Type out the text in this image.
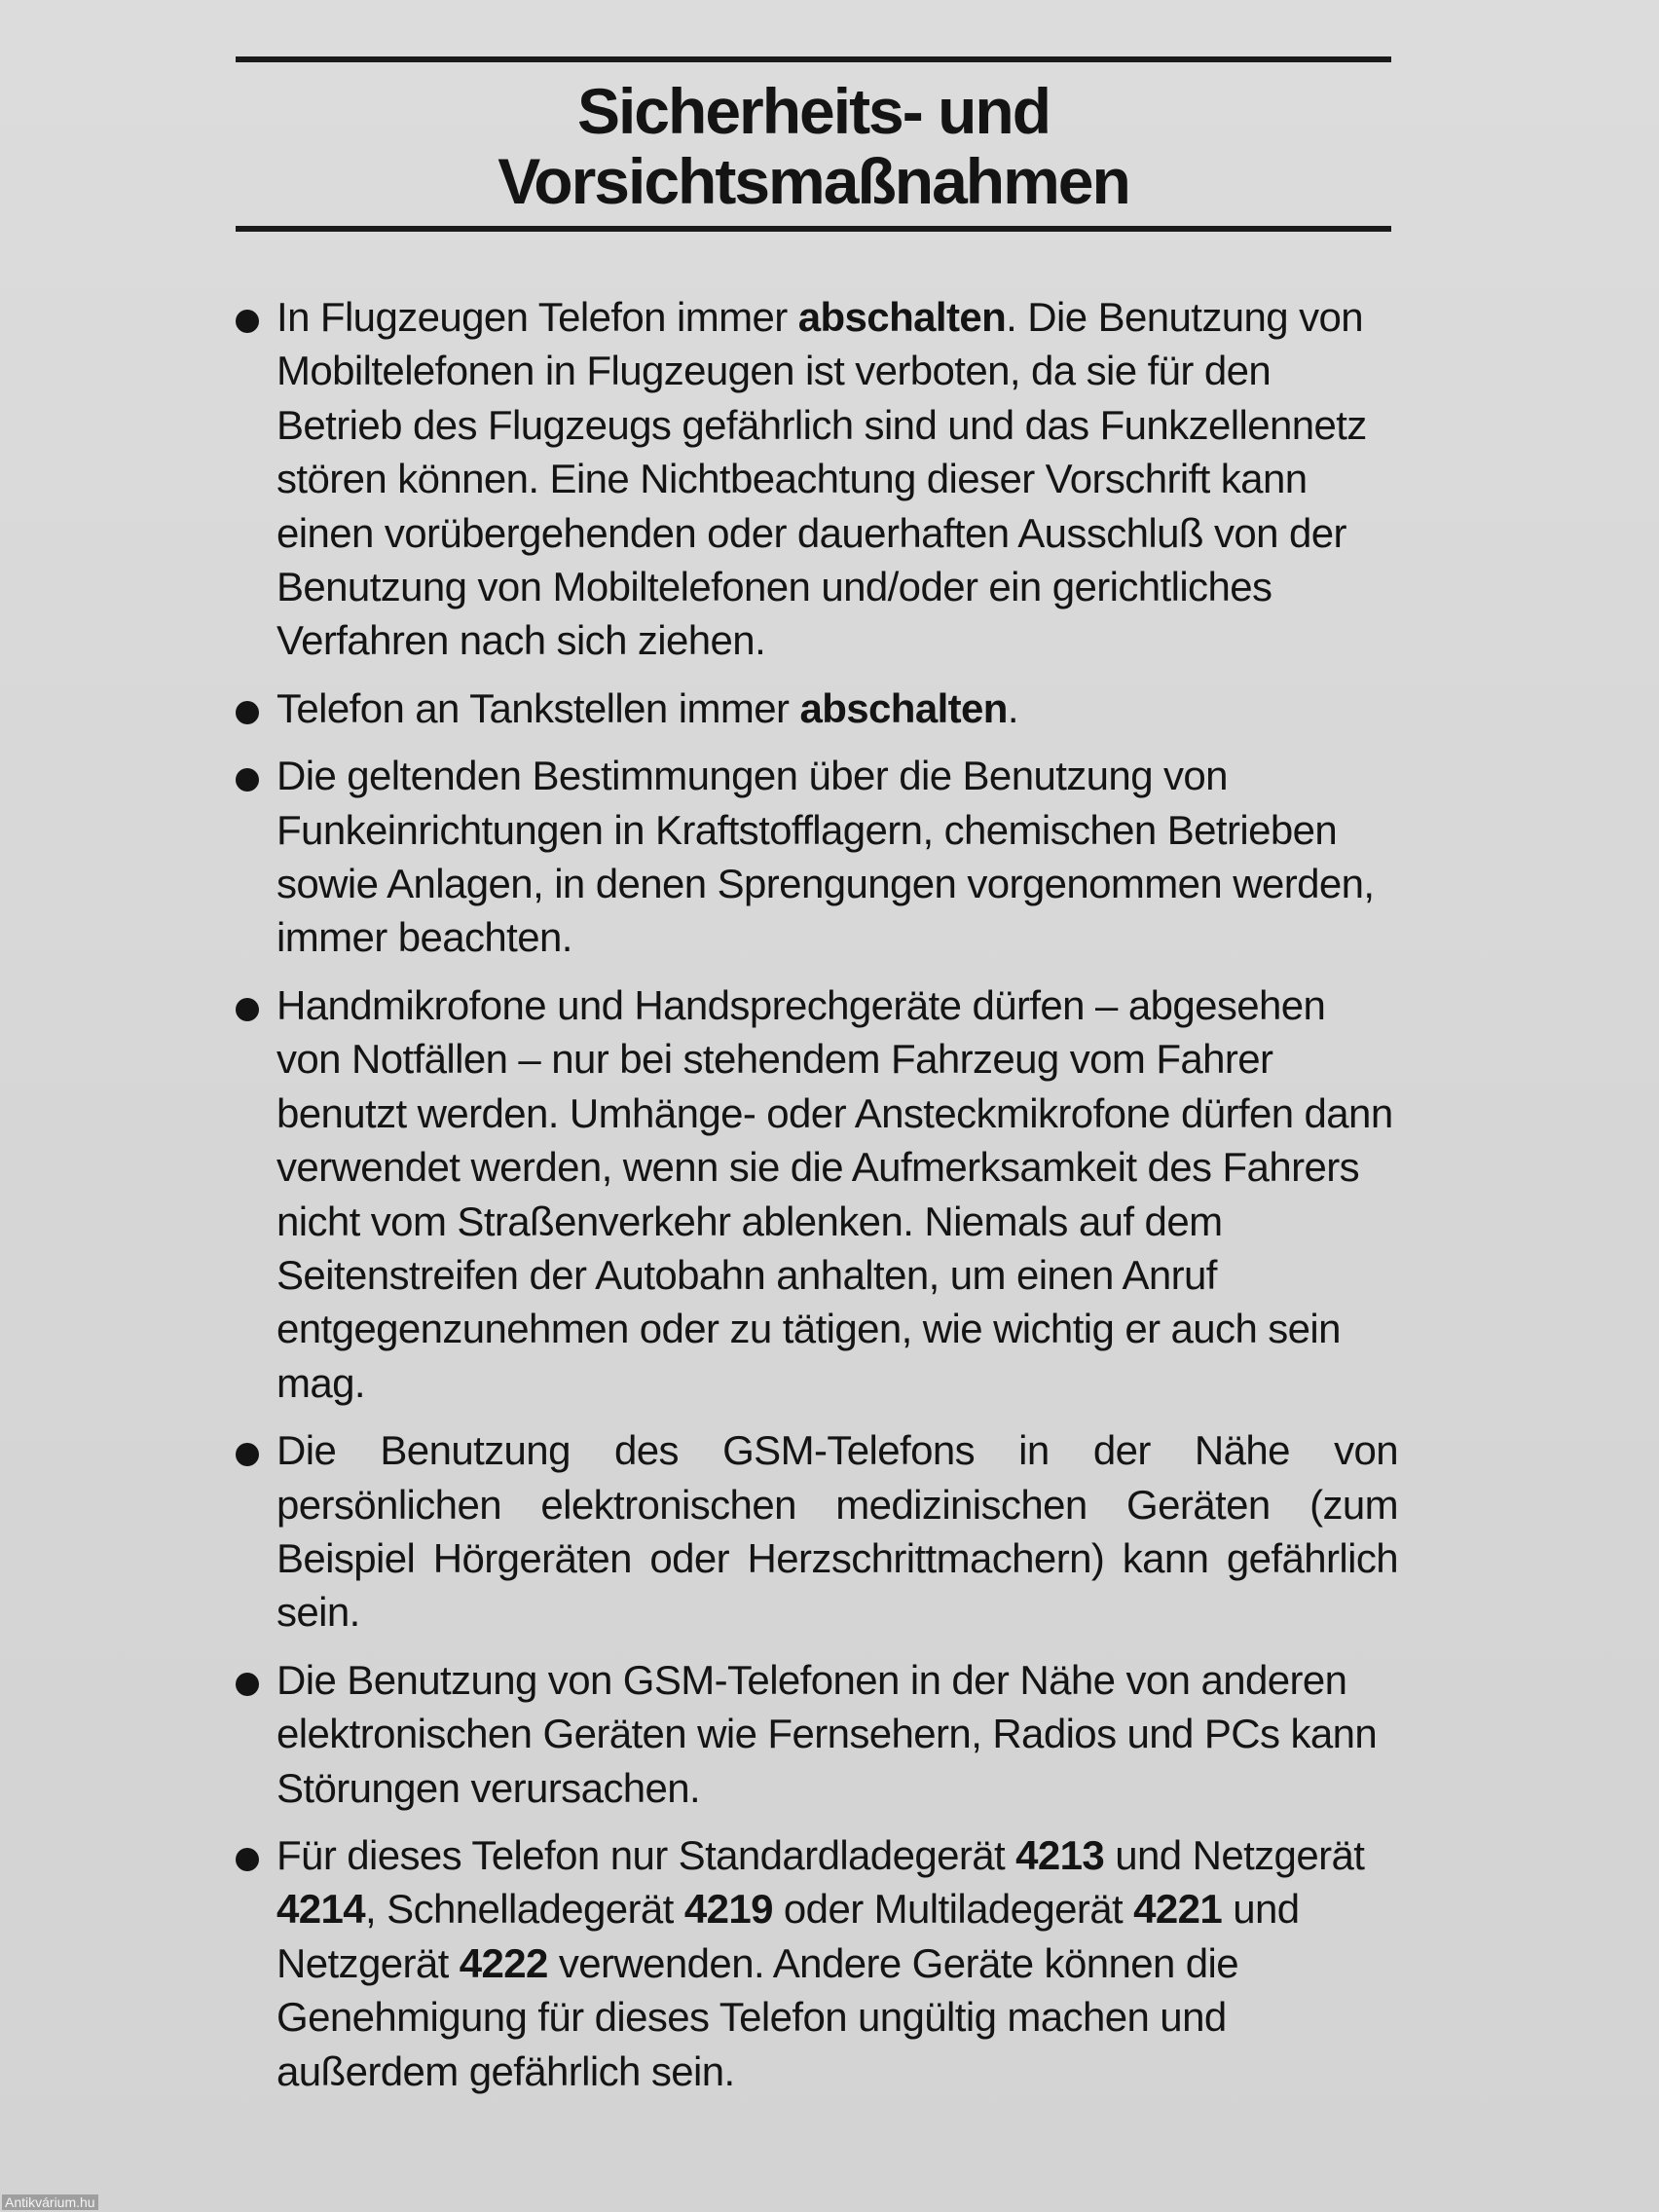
Sicherheits- und
Vorsichtsmaßnahmen
In Flugzeugen Telefon immer abschalten. Die Benutzung von Mobiltelefonen in Flugzeugen ist verboten, da sie für den Betrieb des Flugzeugs gefährlich sind und das Funkzellennetz stören können. Eine Nichtbeachtung dieser Vorschrift kann einen vorübergehenden oder dauerhaften Ausschluß von der Benutzung von Mobiltelefonen und/oder ein gerichtliches Verfahren nach sich ziehen.
Telefon an Tankstellen immer abschalten.
Die geltenden Bestimmungen über die Benutzung von Funkeinrichtungen in Kraftstofflagern, chemischen Betrieben sowie Anlagen, in denen Sprengungen vorgenommen werden, immer beachten.
Handmikrofone und Handsprechgeräte dürfen – abgesehen von Notfällen – nur bei stehendem Fahrzeug vom Fahrer benutzt werden. Umhänge- oder Ansteckmikrofone dürfen dann verwendet werden, wenn sie die Aufmerksamkeit des Fahrers nicht vom Straßenverkehr ablenken. Niemals auf dem Seitenstreifen der Autobahn anhalten, um einen Anruf entgegenzunehmen oder zu tätigen, wie wichtig er auch sein mag.
Die Benutzung des GSM-Telefons in der Nähe von persönlichen elektronischen medizinischen Geräten (zum Beispiel Hörgeräten oder Herzschrittmachern) kann gefährlich sein.
Die Benutzung von GSM-Telefonen in der Nähe von anderen elektronischen Geräten wie Fernsehern, Radios und PCs kann Störungen verursachen.
Für dieses Telefon nur Standardladegerät 4213 und Netzgerät 4214, Schnelladegerät 4219 oder Multiladegerät 4221 und Netzgerät 4222 verwenden. Andere Geräte können die Genehmigung für dieses Telefon ungültig machen und außerdem gefährlich sein.
Antikvárium.hu
